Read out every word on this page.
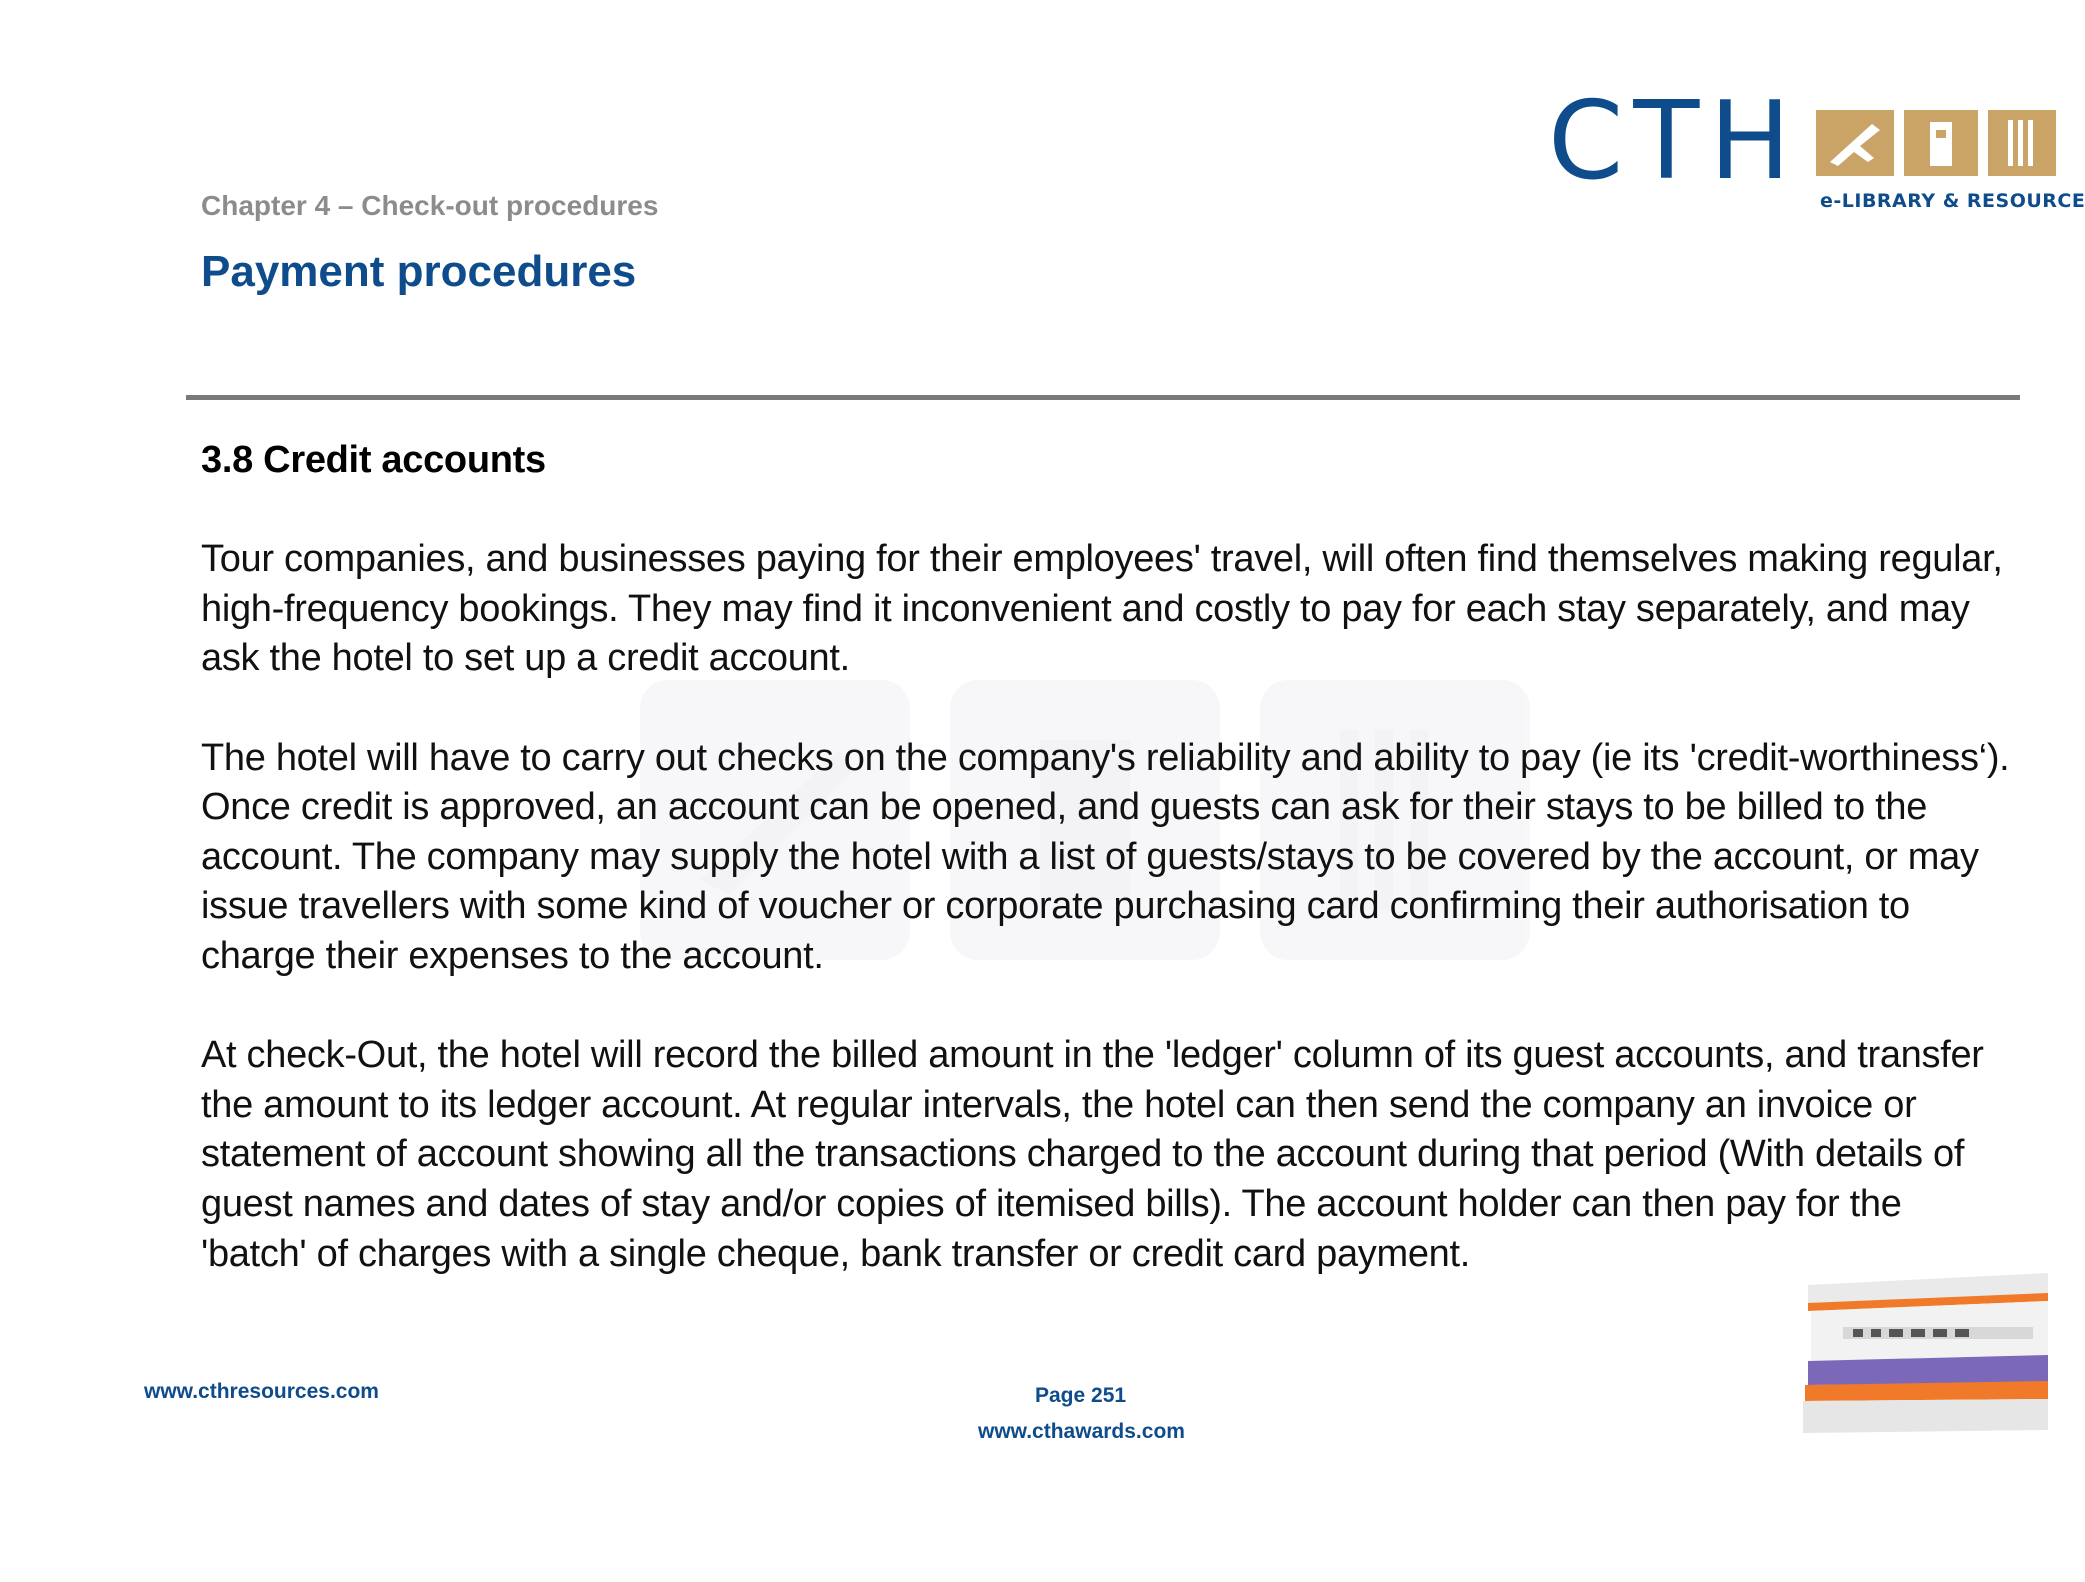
CTH e-LIBRARY & RESOURCE
Chapter 4 – Check-out procedures
Payment procedures
3.8 Credit accounts

Tour companies, and businesses paying for their employees' travel, will often find themselves making regular, high-frequency bookings. They may find it inconvenient and costly to pay for each stay separately, and may ask the hotel to set up a credit account.

The hotel will have to carry out checks on the company's reliability and ability to pay (ie its 'credit-worthiness‘). Once credit is approved, an account can be opened, and guests can ask for their stays to be billed to the account. The company may supply the hotel with a list of guests/stays to be covered by the account, or may issue travellers with some kind of voucher or corporate purchasing card confirming their authorisation to charge their expenses to the account.

At check-Out, the hotel will record the billed amount in the 'ledger' column of its guest accounts, and transfer the amount to its ledger account. At regular intervals, the hotel can then send the company an invoice or statement of account showing all the transactions charged to the account during that period (With details of guest names and dates of stay and/or copies of itemised bills). The account holder can then pay for the 'batch' of charges with a single cheque, bank transfer or credit card payment.

www.cthresources.com	Page 251
www.cthawards.com
